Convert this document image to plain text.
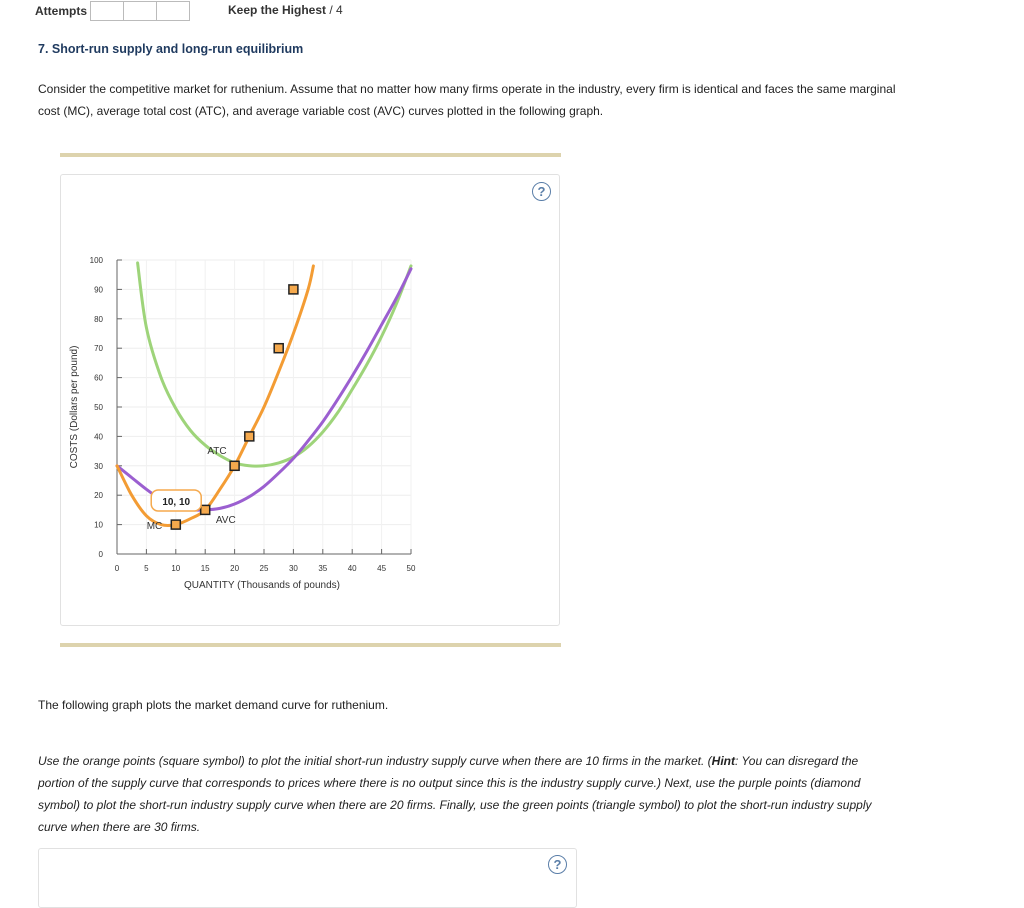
Attempts	Keep the Highest / 4
7. Short-run supply and long-run equilibrium

Consider the competitive market for ruthenium. Assume that no matter how many firms operate in the industry, every firm is identical and faces the same marginal cost (MC), average total cost (ATC), and average variable cost (AVC) curves plotted in the following graph.

?
0
10
20
30
40
50
60
70
80
90
100
0	5	10	15	20	25	30	35	40	45	50
QUANTITY (Thousands of pounds)
COSTS (Dollars per pound)	ATC
AVC
MC
10, 10

The following graph plots the market demand curve for ruthenium.

Use the orange points (square symbol) to plot the initial short-run industry supply curve when there are 10 firms in the market. (Hint: You can disregard the portion of the supply curve that corresponds to prices where there is no output since this is the industry supply curve.) Next, use the purple points (diamond symbol) to plot the short-run industry supply curve when there are 20 firms. Finally, use the green points (triangle symbol) to plot the short-run industry supply curve when there are 30 firms.

?
